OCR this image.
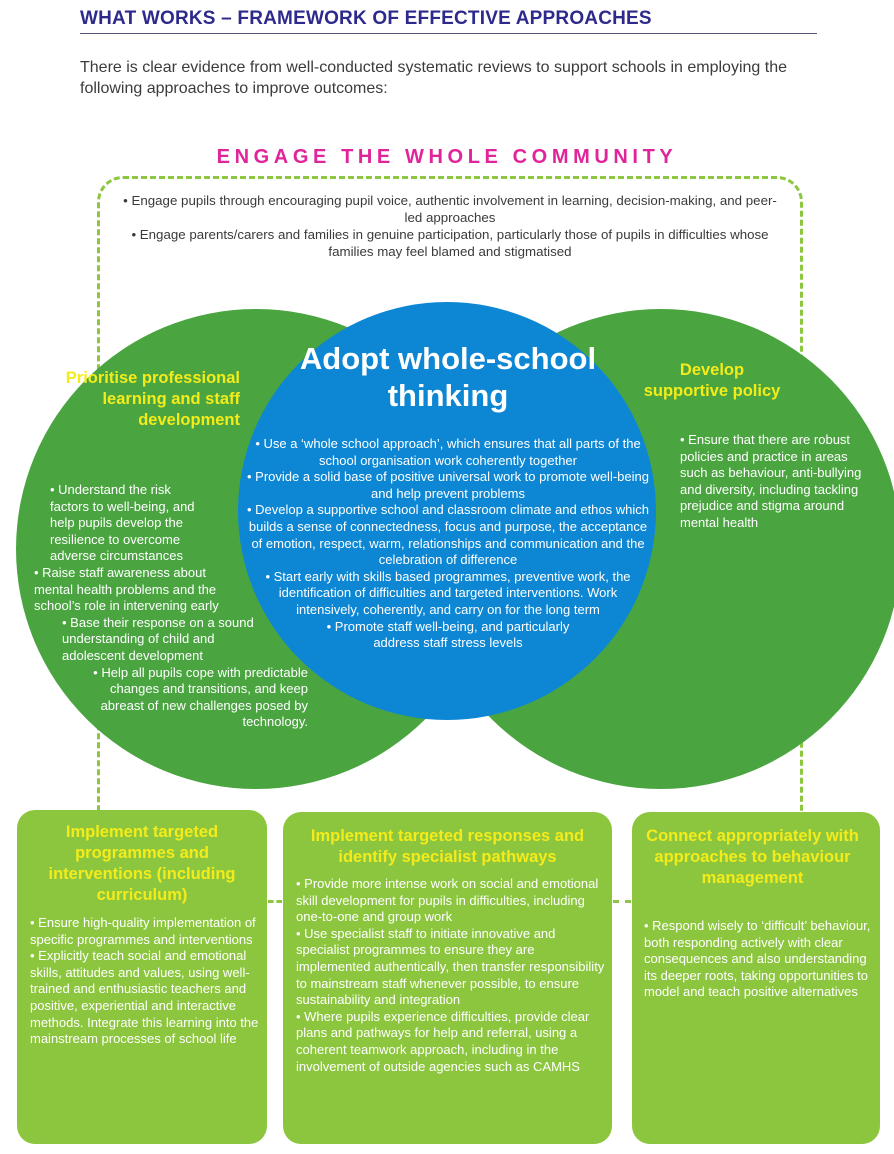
WHAT WORKS – FRAMEWORK OF EFFECTIVE APPROACHES
There is clear evidence from well-conducted systematic reviews to support schools in employing the following approaches to improve outcomes:
ENGAGE THE WHOLE COMMUNITY

• Engage pupils through encouraging pupil voice, authentic involvement in learning, decision-making, and peer-led approaches

• Engage parents/carers and families in genuine participation, particularly those of pupils in difficulties whose families may feel blamed and stigmatised

Prioritise professional learning and staff development

• Understand the risk factors to well-being, and help pupils develop the resilience to overcome adverse circumstances

• Raise staff awareness about mental health problems and the school’s role in intervening early

• Base their response on a sound understanding of child and adolescent development

• Help all pupils cope with predictable changes and transitions, and keep abreast of new challenges posed by technology.

Develop supportive policy

• Ensure that there are robust policies and practice in areas such as behaviour, anti-bullying and diversity, including tackling prejudice and stigma around mental health

Adopt whole-school thinking

• Use a ‘whole school approach’, which ensures that all parts of the school organisation work coherently together

• Provide a solid base of positive universal work to promote well-being and help prevent problems

• Develop a supportive school and classroom climate and ethos which builds a sense of connectedness, focus and purpose, the acceptance of emotion, respect, warm, relationships and communication and the celebration of difference

• Start early with skills based programmes, preventive work, the identification of difficulties and targeted interventions. Work intensively, coherently, and carry on for the long term

• Promote staff well-being, and particularly address staff stress levels

Implement targeted programmes and interventions (including curriculum)

• Ensure high-quality implementation of specific programmes and interventions

• Explicitly teach social and emotional skills, attitudes and values, using well-trained and enthusiastic teachers and positive, experiential and interactive methods. Integrate this learning into the mainstream processes of school life

Implement targeted responses and identify specialist pathways

• Provide more intense work on social and emotional skill development for pupils in difficulties, including one-to-one and group work

• Use specialist staff to initiate innovative and specialist programmes to ensure they are implemented authentically, then transfer responsibility to mainstream staff whenever possible, to ensure sustainability and integration

• Where pupils experience difficulties, provide clear plans and pathways for help and referral, using a coherent teamwork approach, including in the involvement of outside agencies such as CAMHS

Connect appropriately with approaches to behaviour management

• Respond wisely to ‘difficult’ behaviour, both responding actively with clear consequences and also understanding its deeper roots, taking opportunities to model and teach positive alternatives
